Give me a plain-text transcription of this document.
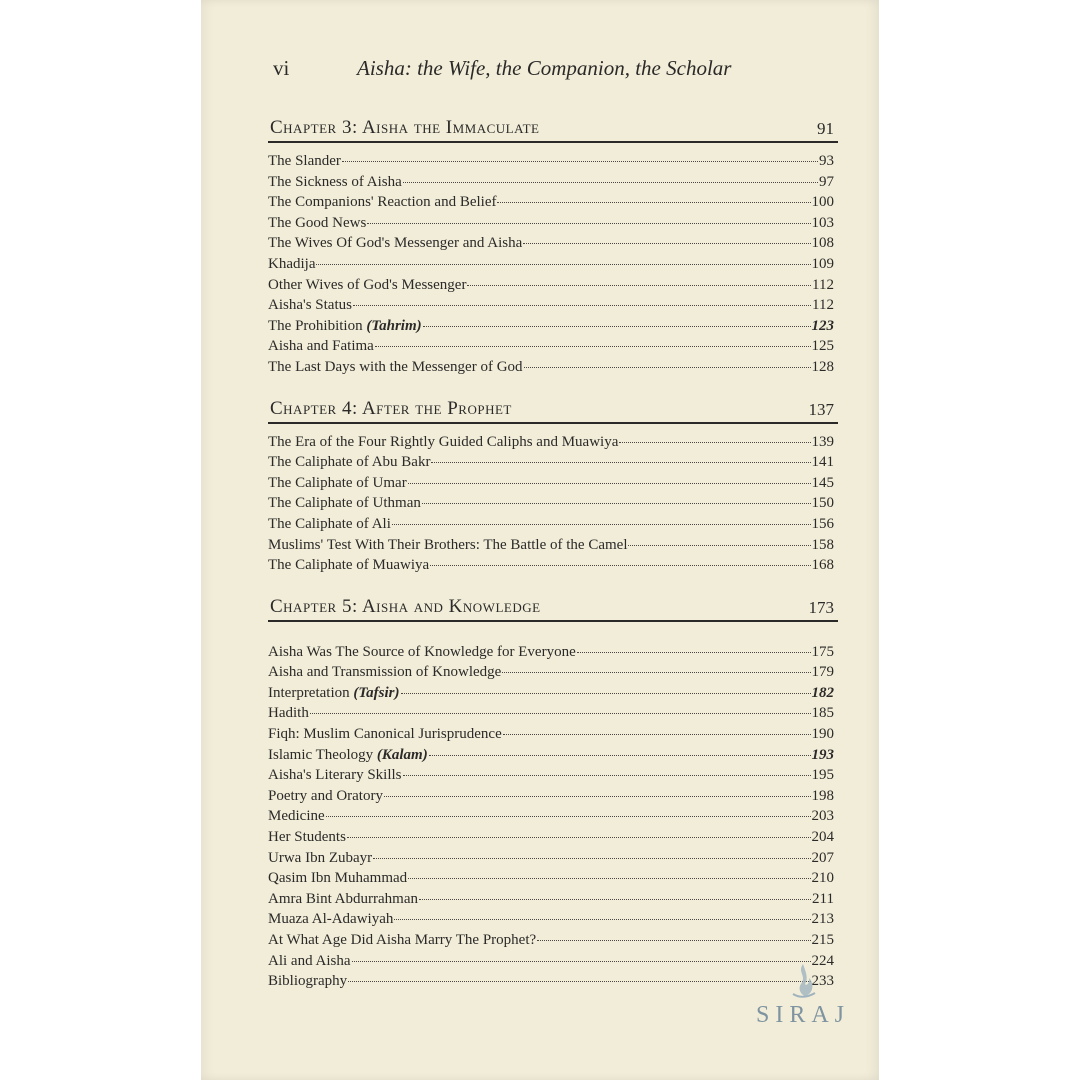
vi	Aisha: the Wife, the Companion, the Scholar
Chapter 3: Aisha the Immaculate	91
The Slander	93
The Sickness of Aisha	97
The Companions' Reaction and Belief	100
The Good News	103
The Wives Of God's Messenger and Aisha	108
Khadija	109
Other Wives of God's Messenger	112
Aisha's Status	112
The Prohibition (Tahrim)	123
Aisha and Fatima	125
The Last Days with the Messenger of God	128
Chapter 4: After the Prophet	137
The Era of the Four Rightly Guided Caliphs and Muawiya	139
The Caliphate of Abu Bakr	141
The Caliphate of Umar	145
The Caliphate of Uthman	150
The Caliphate of Ali	156
Muslims' Test With Their Brothers: The Battle of the Camel	158
The Caliphate of Muawiya	168
Chapter 5: Aisha and Knowledge	173
Aisha Was The Source of Knowledge for Everyone	175
Aisha and Transmission of Knowledge	179
Interpretation (Tafsir)	182
Hadith	185
Fiqh: Muslim Canonical Jurisprudence	190
Islamic Theology (Kalam)	193
Aisha's Literary Skills	195
Poetry and Oratory	198
Medicine	203
Her Students	204
Urwa Ibn Zubayr	207
Qasim Ibn Muhammad	210
Amra Bint Abdurrahman	211
Muaza Al-Adawiyah	213
At What Age Did Aisha Marry The Prophet?	215
Ali and Aisha	224
Bibliography	233
SIRAJ
